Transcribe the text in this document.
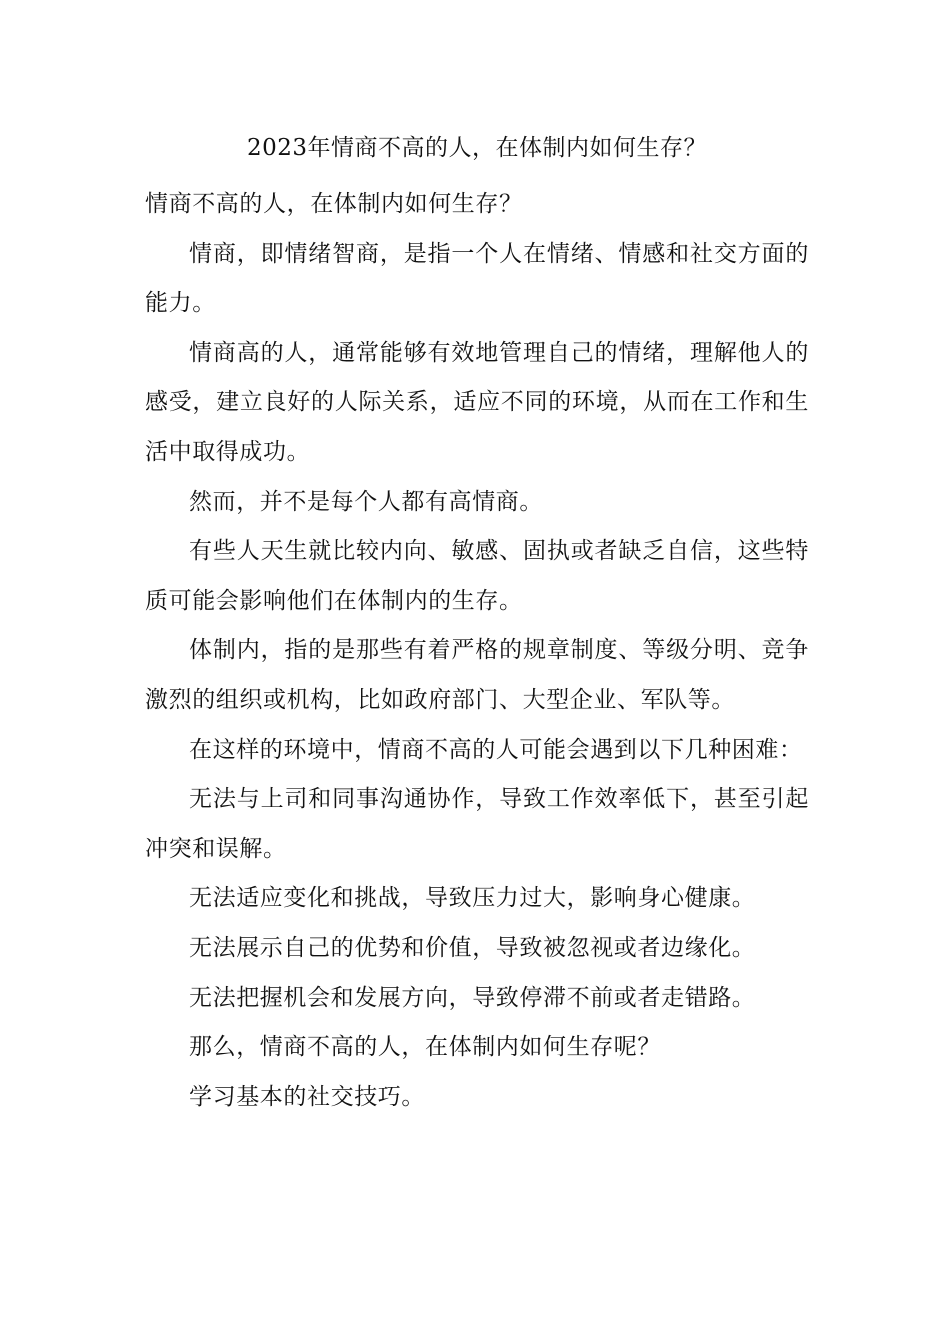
2023年情商不高的人，在体制内如何生存？

情商不高的人，在体制内如何生存？

情商，即情绪智商，是指一个人在情绪、情感和社交方面的能力。

情商高的人，通常能够有效地管理自己的情绪，理解他人的感受，建立良好的人际关系，适应不同的环境，从而在工作和生活中取得成功。

然而，并不是每个人都有高情商。

有些人天生就比较内向、敏感、固执或者缺乏自信，这些特质可能会影响他们在体制内的生存。

体制内，指的是那些有着严格的规章制度、等级分明、竞争激烈的组织或机构，比如政府部门、大型企业、军队等。

在这样的环境中，情商不高的人可能会遇到以下几种困难：

无法与上司和同事沟通协作，导致工作效率低下，甚至引起冲突和误解。

无法适应变化和挑战，导致压力过大，影响身心健康。

无法展示自己的优势和价值，导致被忽视或者边缘化。

无法把握机会和发展方向，导致停滞不前或者走错路。

那么，情商不高的人，在体制内如何生存呢？

学习基本的社交技巧。
